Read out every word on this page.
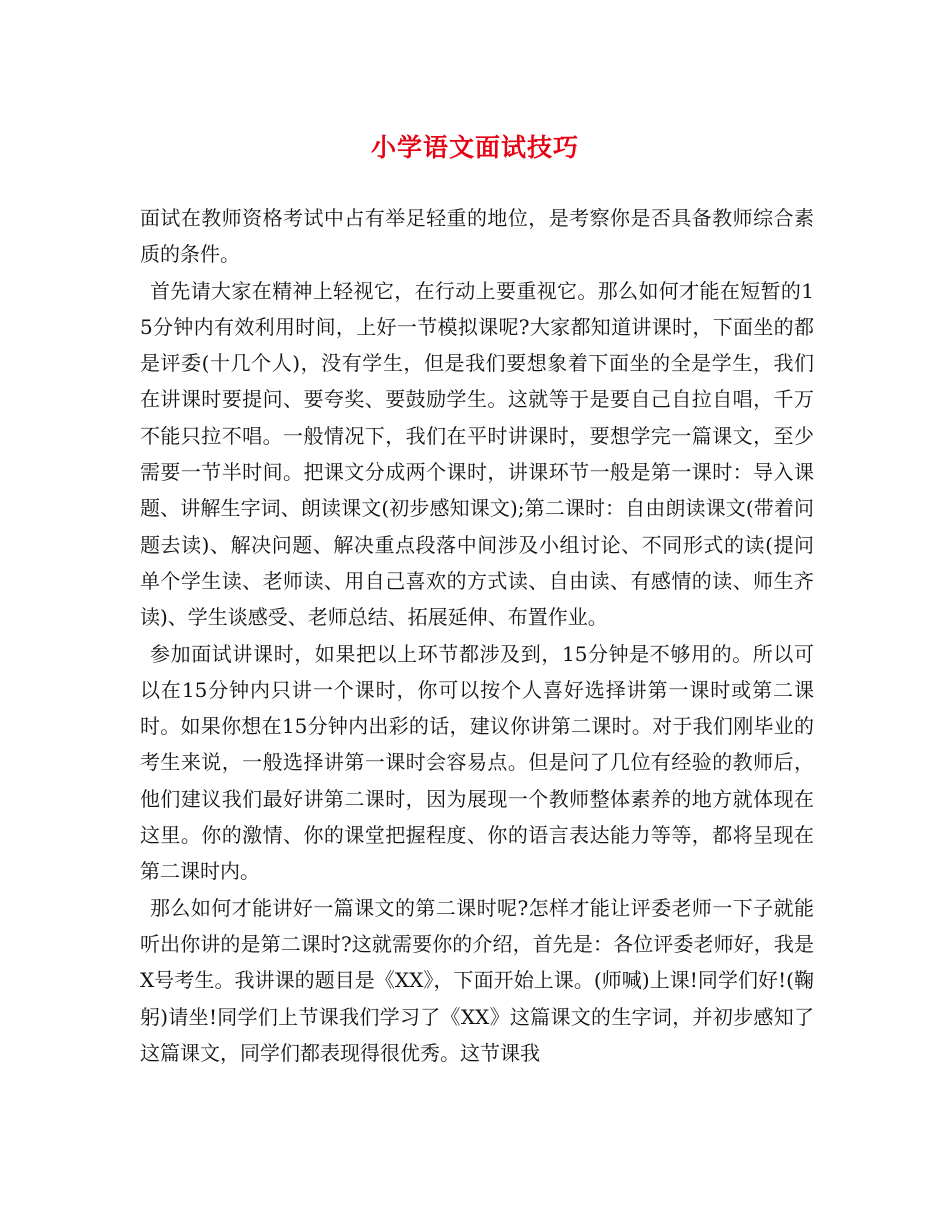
小学语文面试技巧

面试在教师资格考试中占有举足轻重的地位，是考察你是否具备教师综合素质的条件。

首先请大家在精神上轻视它，在行动上要重视它。那么如何才能在短暂的15分钟内有效利用时间，上好一节模拟课呢?大家都知道讲课时，下面坐的都是评委(十几个人)，没有学生，但是我们要想象着下面坐的全是学生，我们在讲课时要提问、要夸奖、要鼓励学生。这就等于是要自己自拉自唱，千万不能只拉不唱。一般情况下，我们在平时讲课时，要想学完一篇课文，至少需要一节半时间。把课文分成两个课时，讲课环节一般是第一课时：导入课题、讲解生字词、朗读课文(初步感知课文);第二课时：自由朗读课文(带着问题去读)、解决问题、解决重点段落中间涉及小组讨论、不同形式的读(提问单个学生读、老师读、用自己喜欢的方式读、自由读、有感情的读、师生齐读)、学生谈感受、老师总结、拓展延伸、布置作业。

参加面试讲课时，如果把以上环节都涉及到，15分钟是不够用的。所以可以在15分钟内只讲一个课时，你可以按个人喜好选择讲第一课时或第二课时。如果你想在15分钟内出彩的话，建议你讲第二课时。对于我们刚毕业的考生来说，一般选择讲第一课时会容易点。但是问了几位有经验的教师后，他们建议我们最好讲第二课时，因为展现一个教师整体素养的地方就体现在这里。你的激情、你的课堂把握程度、你的语言表达能力等等，都将呈现在第二课时内。

那么如何才能讲好一篇课文的第二课时呢?怎样才能让评委老师一下子就能听出你讲的是第二课时?这就需要你的介绍，首先是：各位评委老师好，我是X号考生。我讲课的题目是《XX》，下面开始上课。(师喊)上课!同学们好!(鞠躬)请坐!同学们上节课我们学习了《XX》这篇课文的生字词，并初步感知了这篇课文，同学们都表现得很优秀。这节课我
